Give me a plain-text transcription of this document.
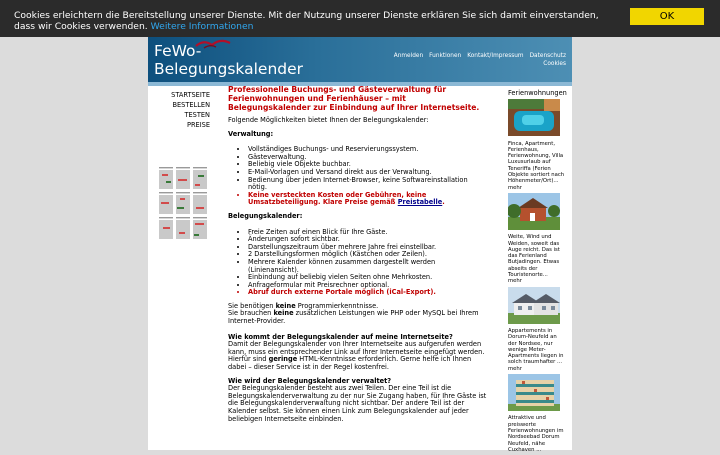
Cookies erleichtern die Bereitstellung unserer Dienste. Mit der Nutzung unserer Dienste erklären Sie sich damit einverstanden, dass wir Cookies verwenden. Weitere Informationen
OK
FeWo-
Belegungskalender
Anmelden Funktionen Kontakt/Impressum Datenschutz
Cookies
STARTSEITE
BESTELLEN
TESTEN
PREISE
Professionelle Buchungs- und Gästeverwaltung für Ferienwohnungen und Ferienhäuser – mit Belegungskalender zur Einbindung auf Ihrer Internetseite.

Folgende Möglichkeiten bietet Ihnen der Belegungskalender:

Verwaltung:
• Vollständiges Buchungs- und Reservierungssystem.
• Gästeverwaltung.
• Beliebig viele Objekte buchbar.
• E-Mail-Vorlagen und Versand direkt aus der Verwaltung.
• Bedienung über jeden Internet-Browser, keine Softwareinstallation nötig.
• Keine versteckten Kosten oder Gebühren, keine Umsatzbeteiligung. Klare Preise gemäß Preistabelle.
Belegungskalender:
• Freie Zeiten auf einen Blick für Ihre Gäste.
• Änderungen sofort sichtbar.
• Darstellungszeitraum über mehrere Jahre frei einstellbar.
• 2 Darstellungsformen möglich (Kästchen oder Zeilen).
• Mehrere Kalender können zusammen dargestellt werden (Linienansicht).
• Einbindung auf beliebig vielen Seiten ohne Mehrkosten.
• Anfrageformular mit Preisrechner optional.
• Abruf durch externe Portale möglich (iCal-Export).
Sie benötigen keine Programmierkenntnisse.
Sie brauchen keine zusätzlichen Leistungen wie PHP oder MySQL bei Ihrem Internet-Provider.
Wie kommt der Belegungskalender auf meine Internetseite?
Damit der Belegungskalender von Ihrer Internetseite aus aufgerufen werden kann, muss ein entsprechender Link auf Ihrer Internetseite eingefügt werden. Hierfür sind geringe HTML-Kenntnisse erforderlich. Gerne helfe ich Ihnen dabei – dieser Service ist in der Regel kostenfrei.
Wie wird der Belegungskalender verwaltet?
Der Belegungskalender besteht aus zwei Teilen. Der eine Teil ist die Belegungskalenderverwaltung zu der nur Sie Zugang haben, für Ihre Gäste ist die Belegungskalenderverwaltung nicht sichtbar. Der andere Teil ist der Kalender selbst. Sie können einen Link zum Belegungskalender auf jeder beliebigen Internetseite einbinden.
Ferienwohnungen
Finca, Apartment, Ferienhaus, Ferienwohnung, Villa Luxusurlaub auf Teneriffa (Ferien Objekte sortiert nach Höhenmeter/Ort)...
mehr
Weite, Wind und Weiden, soweit das Auge reicht. Das ist das Ferienland Butjadingen. Etwas abseits der Touristenorte...
mehr
Appartements in Dorum-Neufeld an der Nordsee, nur wenige Meter-Apartments liegen in solch traumhafter ...
mehr
Attraktive und preiswerte Ferienwohnungen im Nordseebad Dorum Neufeld, nähe Cuxhaven ...
